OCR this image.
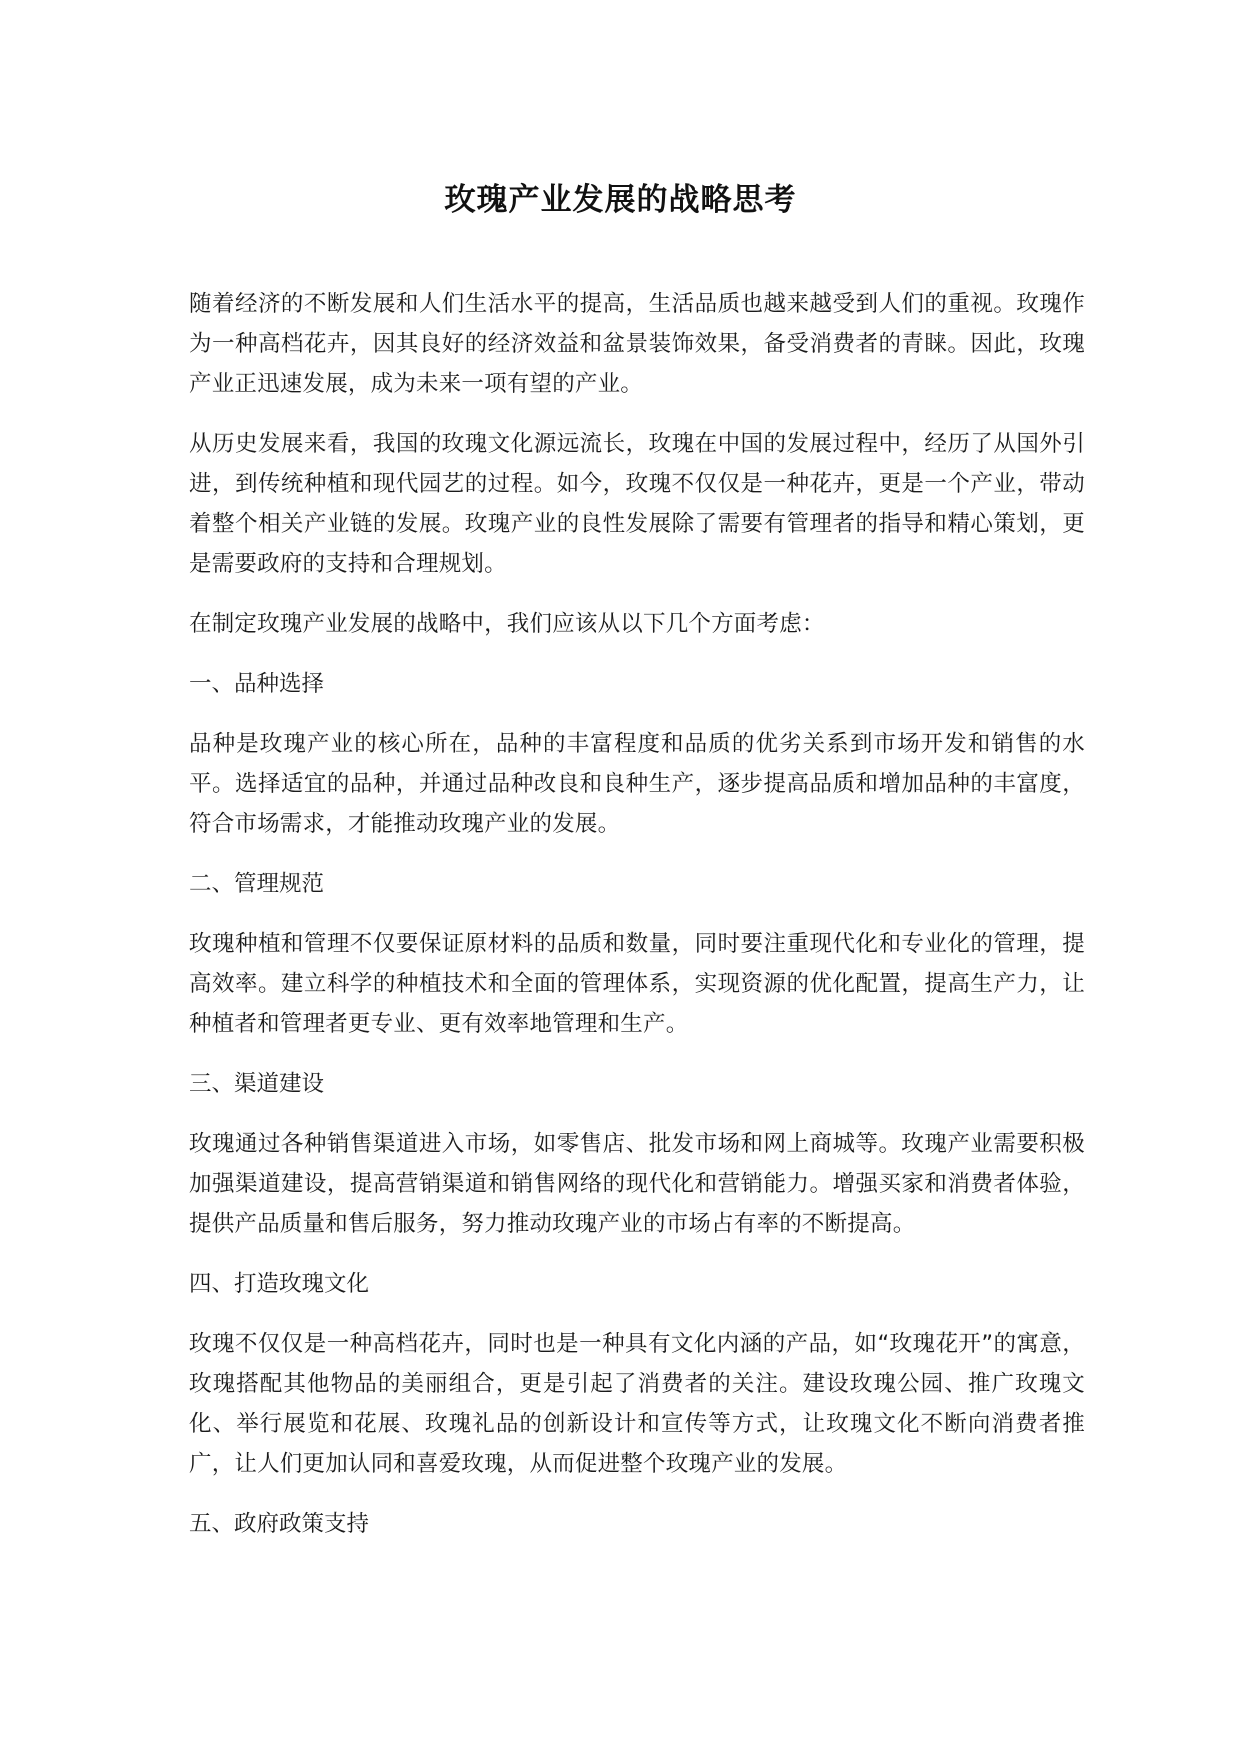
玫瑰产业发展的战略思考

随着经济的不断发展和人们生活水平的提高，生活品质也越来越受到人们的重视。玫瑰作为一种高档花卉，因其良好的经济效益和盆景装饰效果，备受消费者的青睐。因此，玫瑰产业正迅速发展，成为未来一项有望的产业。

从历史发展来看，我国的玫瑰文化源远流长，玫瑰在中国的发展过程中，经历了从国外引进，到传统种植和现代园艺的过程。如今，玫瑰不仅仅是一种花卉，更是一个产业，带动着整个相关产业链的发展。玫瑰产业的良性发展除了需要有管理者的指导和精心策划，更是需要政府的支持和合理规划。

在制定玫瑰产业发展的战略中，我们应该从以下几个方面考虑：

一、品种选择

品种是玫瑰产业的核心所在，品种的丰富程度和品质的优劣关系到市场开发和销售的水平。选择适宜的品种，并通过品种改良和良种生产，逐步提高品质和增加品种的丰富度，符合市场需求，才能推动玫瑰产业的发展。

二、管理规范

玫瑰种植和管理不仅要保证原材料的品质和数量，同时要注重现代化和专业化的管理，提高效率。建立科学的种植技术和全面的管理体系，实现资源的优化配置，提高生产力，让种植者和管理者更专业、更有效率地管理和生产。

三、渠道建设

玫瑰通过各种销售渠道进入市场，如零售店、批发市场和网上商城等。玫瑰产业需要积极加强渠道建设，提高营销渠道和销售网络的现代化和营销能力。增强买家和消费者体验，提供产品质量和售后服务，努力推动玫瑰产业的市场占有率的不断提高。

四、打造玫瑰文化

玫瑰不仅仅是一种高档花卉，同时也是一种具有文化内涵的产品，如“玫瑰花开”的寓意，玫瑰搭配其他物品的美丽组合，更是引起了消费者的关注。建设玫瑰公园、推广玫瑰文化、举行展览和花展、玫瑰礼品的创新设计和宣传等方式，让玫瑰文化不断向消费者推广，让人们更加认同和喜爱玫瑰，从而促进整个玫瑰产业的发展。

五、政府政策支持
